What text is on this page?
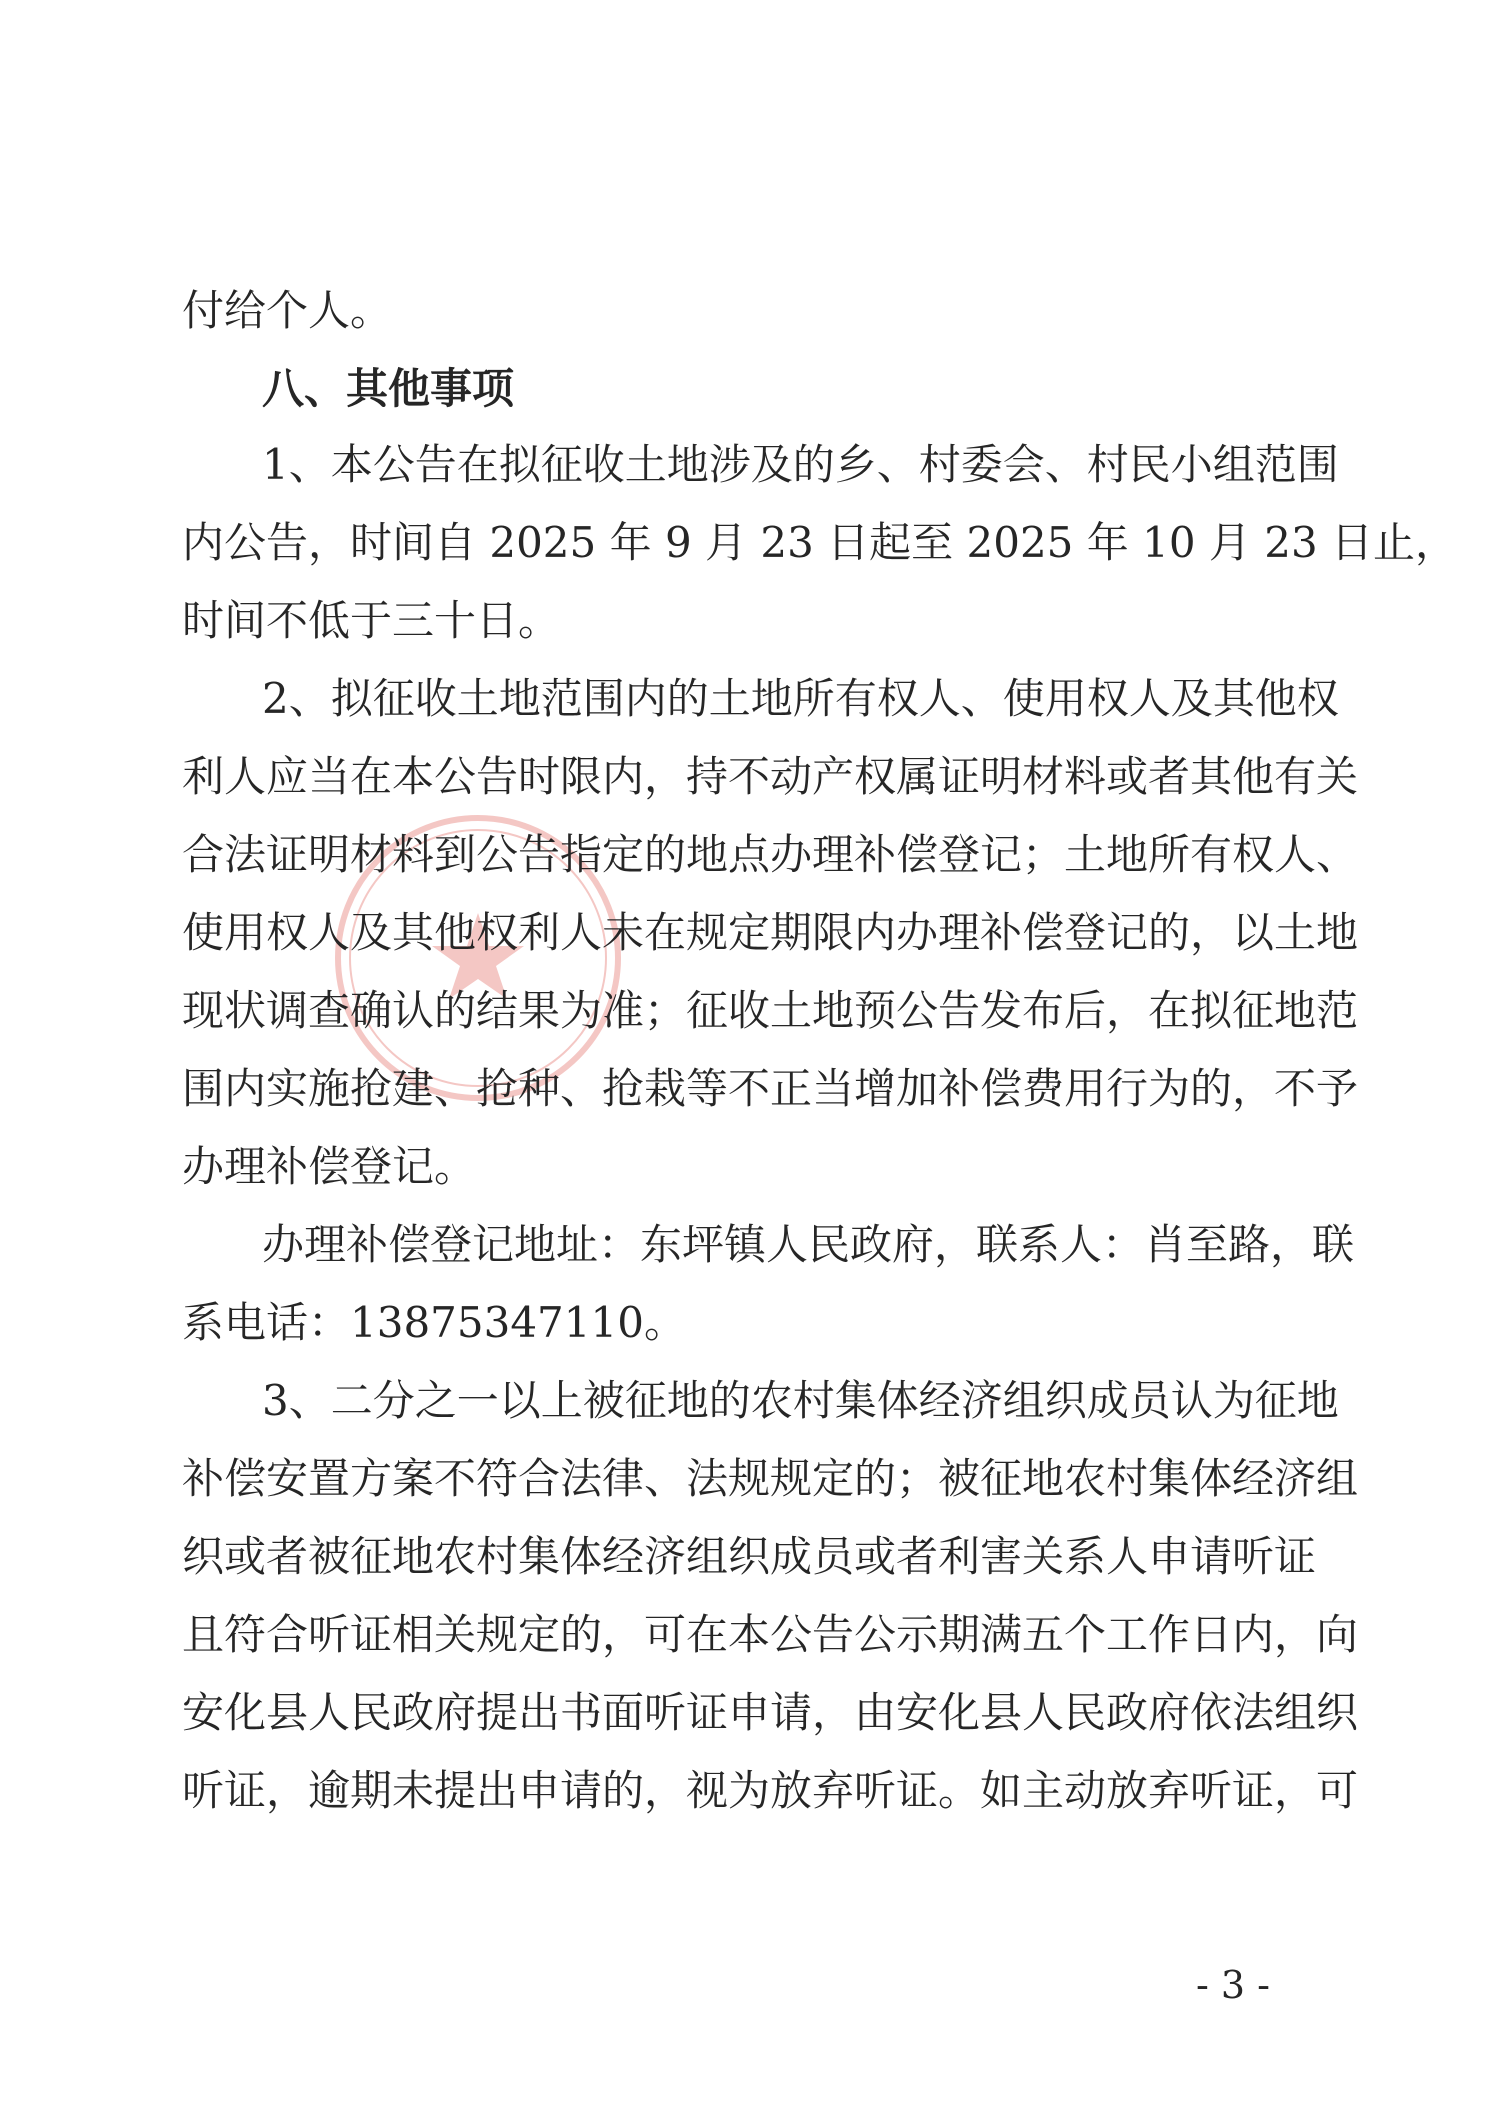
付给个人。
八、其他事项
1、本公告在拟征收土地涉及的乡、村委会、村民小组范围
内公告，时间自 2025 年 9 月 23 日起至 2025 年 10 月 23 日止，
时间不低于三十日。
2、拟征收土地范围内的土地所有权人、使用权人及其他权
利人应当在本公告时限内，持不动产权属证明材料或者其他有关
合法证明材料到公告指定的地点办理补偿登记；土地所有权人、
使用权人及其他权利人未在规定期限内办理补偿登记的，以土地
现状调查确认的结果为准；征收土地预公告发布后，在拟征地范
围内实施抢建、抢种、抢栽等不正当增加补偿费用行为的，不予
办理补偿登记。
办理补偿登记地址：东坪镇人民政府，联系人：肖至路，联
系电话：13875347110。
3、二分之一以上被征地的农村集体经济组织成员认为征地
补偿安置方案不符合法律、法规规定的；被征地农村集体经济组
织或者被征地农村集体经济组织成员或者利害关系人申请听证
且符合听证相关规定的，可在本公告公示期满五个工作日内，向
安化县人民政府提出书面听证申请，由安化县人民政府依法组织
听证，逾期未提出申请的，视为放弃听证。如主动放弃听证，可
- 3 -
